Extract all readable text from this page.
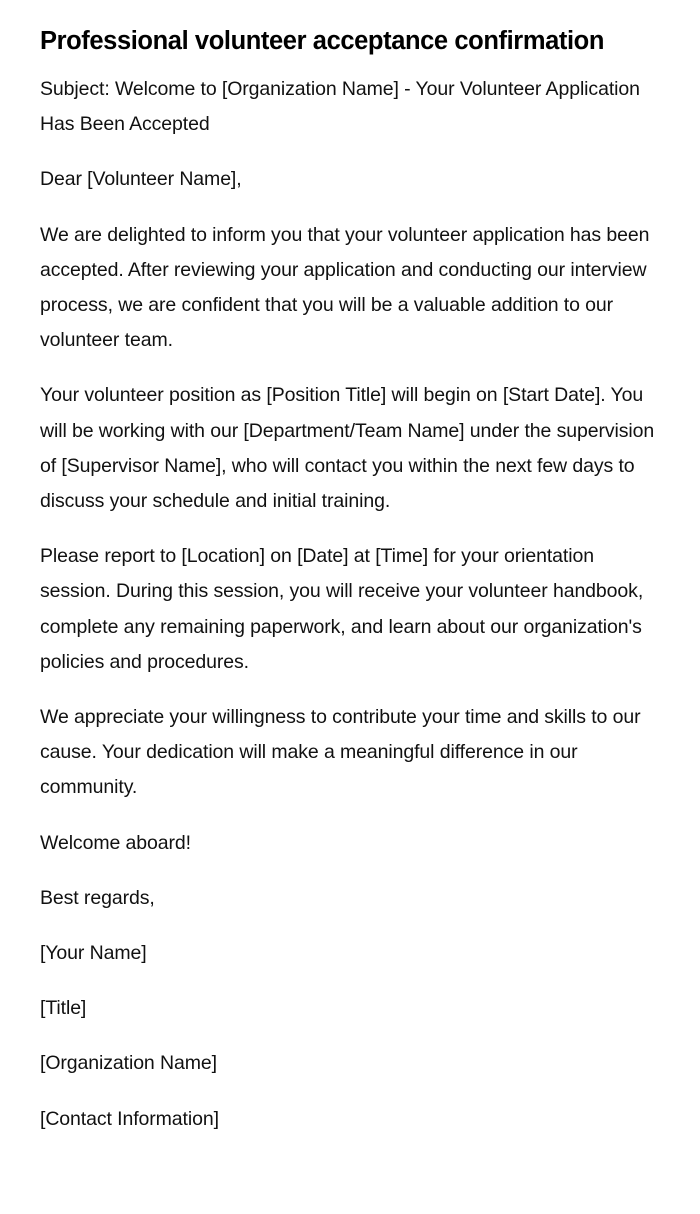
Professional volunteer acceptance confirmation

Subject: Welcome to [Organization Name] - Your Volunteer Application Has Been Accepted

Dear [Volunteer Name],

We are delighted to inform you that your volunteer application has been accepted. After reviewing your application and conducting our interview process, we are confident that you will be a valuable addition to our volunteer team.

Your volunteer position as [Position Title] will begin on [Start Date]. You will be working with our [Department/Team Name] under the supervision of [Supervisor Name], who will contact you within the next few days to discuss your schedule and initial training.

Please report to [Location] on [Date] at [Time] for your orientation session. During this session, you will receive your volunteer handbook, complete any remaining paperwork, and learn about our organization's policies and procedures.

We appreciate your willingness to contribute your time and skills to our cause. Your dedication will make a meaningful difference in our community.

Welcome aboard!

Best regards,

[Your Name]

[Title]

[Organization Name]

[Contact Information]
